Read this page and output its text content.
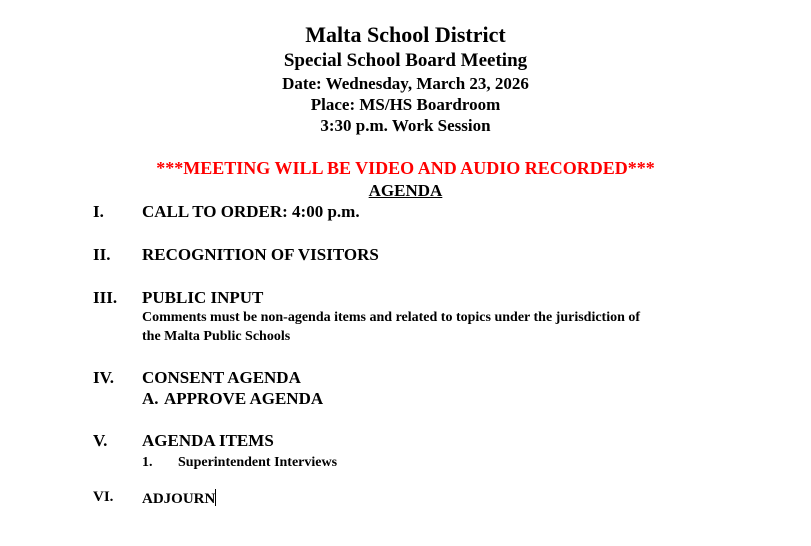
Malta School District
Special School Board Meeting
Date: Wednesday, March 23, 2026
Place: MS/HS Boardroom
3:30 p.m. Work Session
***MEETING WILL BE VIDEO AND AUDIO RECORDED***
AGENDA
I. CALL TO ORDER: 4:00 p.m.
II. RECOGNITION OF VISITORS
III. PUBLIC INPUT
Comments must be non-agenda items and related to topics under the jurisdiction of
the Malta Public Schools
IV. CONSENT AGENDA
A. APPROVE AGENDA
V. AGENDA ITEMS
1. Superintendent Interviews
VI. ADJOURN
